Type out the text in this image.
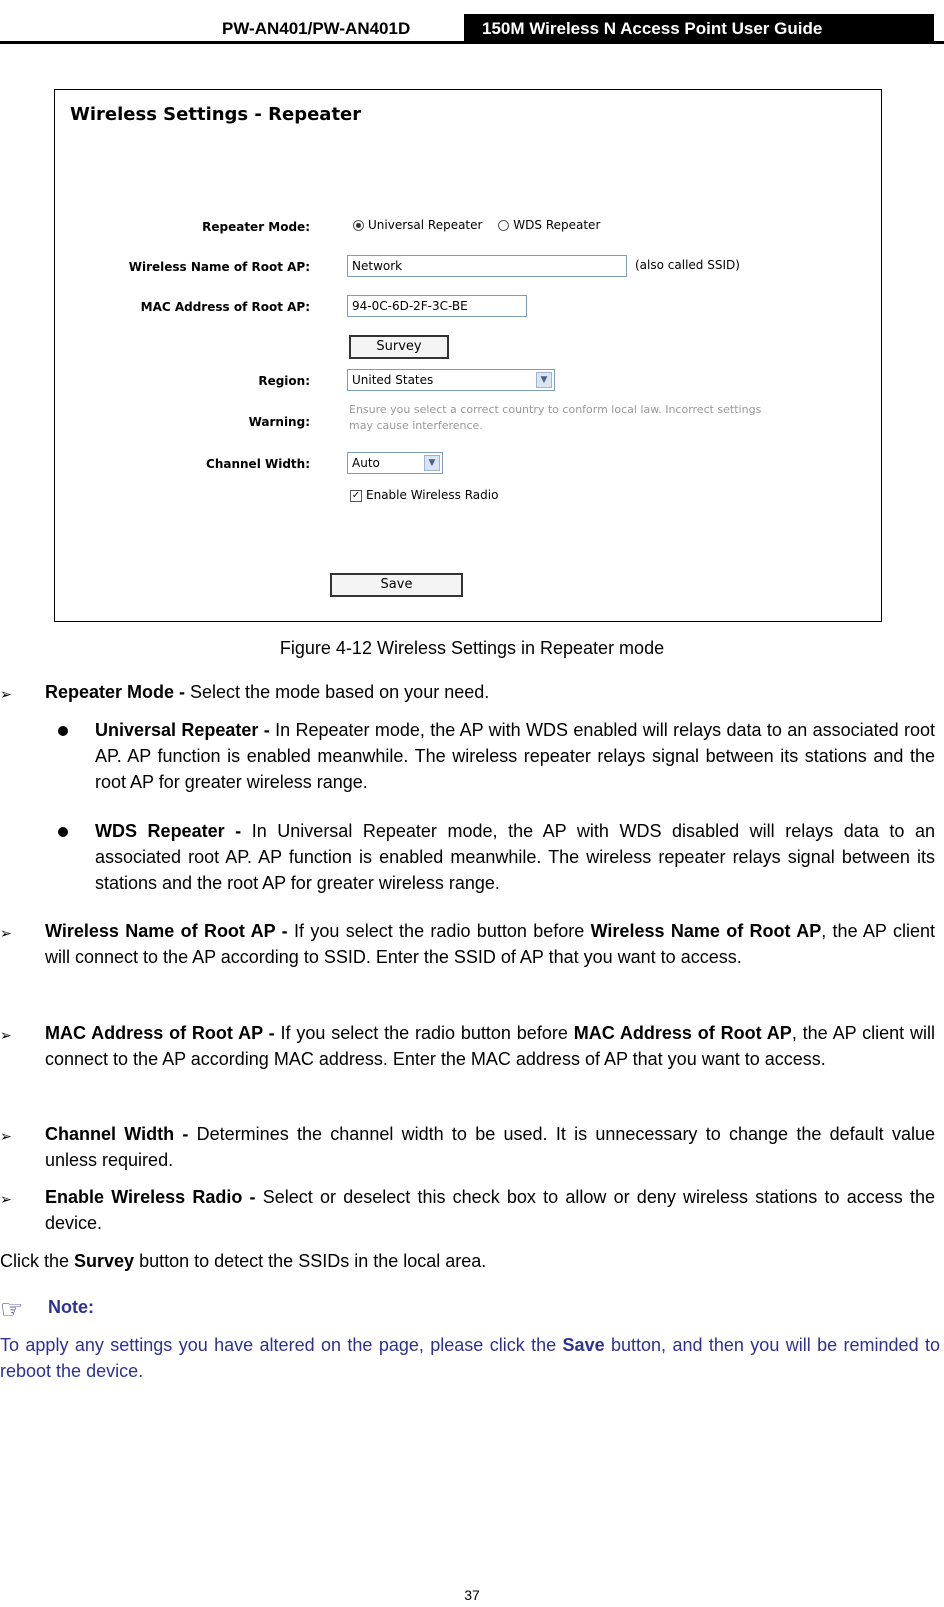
PW-AN401/PW-AN401D	150M Wireless N Access Point User Guide
Wireless Settings - Repeater
Repeater Mode:	Universal Repeater	WDS Repeater
Wireless Name of Root AP:	Network	(also called SSID)
MAC Address of Root AP:	94-0C-6D-2F-3C-BE
Survey
Region:	United States	▼
Warning:
Ensure you select a correct country to conform local law. Incorrect settings may cause interference.
Channel Width:	Auto	▼
✓ Enable Wireless Radio
Save
Figure 4-12 Wireless Settings in Repeater mode
➢ Repeater Mode - Select the mode based on your need.
Universal Repeater - In Repeater mode, the AP with WDS enabled will relays data to an associated root AP. AP function is enabled meanwhile. The wireless repeater relays signal between its stations and the root AP for greater wireless range.
WDS Repeater - In Universal Repeater mode, the AP with WDS disabled will relays data to an associated root AP. AP function is enabled meanwhile. The wireless repeater relays signal between its stations and the root AP for greater wireless range.
➢ Wireless Name of Root AP - If you select the radio button before Wireless Name of Root AP, the AP client will connect to the AP according to SSID. Enter the SSID of AP that you want to access.
➢ MAC Address of Root AP - If you select the radio button before MAC Address of Root AP, the AP client will connect to the AP according MAC address. Enter the MAC address of AP that you want to access.
➢ Channel Width - Determines the channel width to be used. It is unnecessary to change the default value unless required.
➢ Enable Wireless Radio - Select or deselect this check box to allow or deny wireless stations to access the device.
Click the Survey button to detect the SSIDs in the local area.
☞ Note:
To apply any settings you have altered on the page, please click the Save button, and then you will be reminded to reboot the device.
37
